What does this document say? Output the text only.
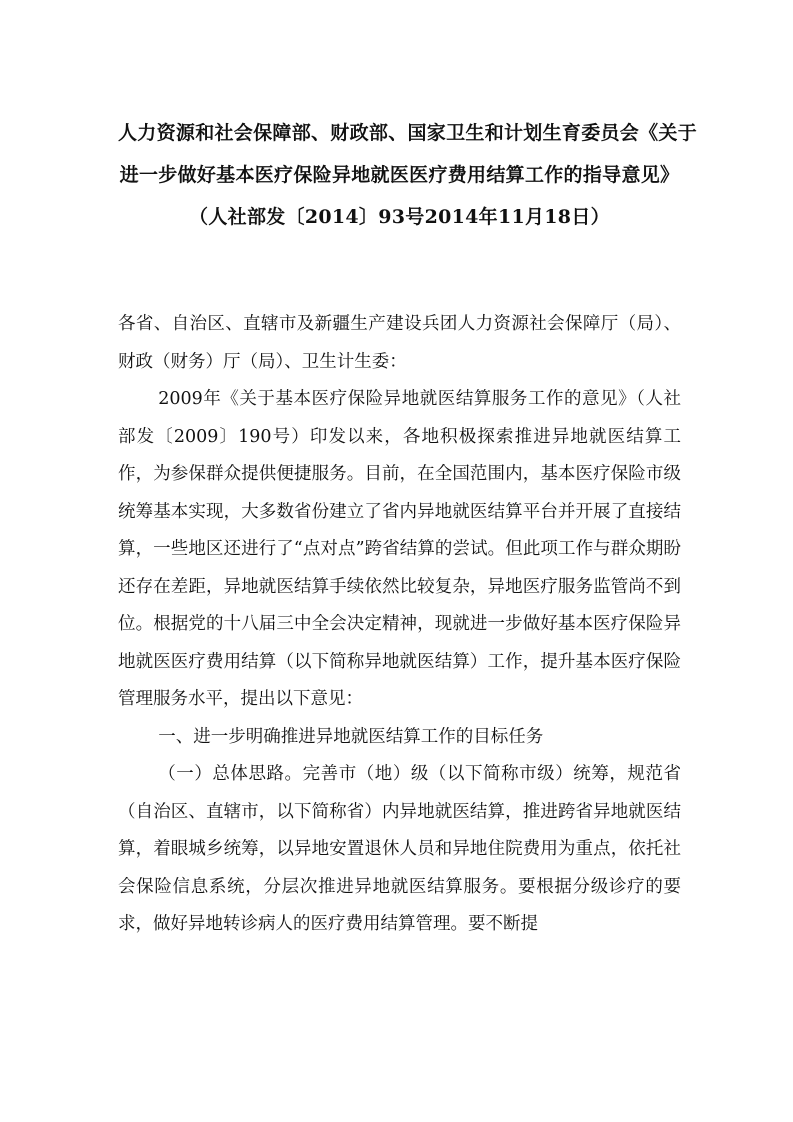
人力资源和社会保障部、财政部、国家卫生和计划生育委员会《关于
进一步做好基本医疗保险异地就医医疗费用结算工作的指导意见》
（人社部发〔2014〕93号2014年11月18日）

各省、自治区、直辖市及新疆生产建设兵团人力资源社会保障厅（局）、财政（财务）厅（局）、卫生计生委：

2009年《关于基本医疗保险异地就医结算服务工作的意见》（人社部发〔2009〕190号）印发以来，各地积极探索推进异地就医结算工作，为参保群众提供便捷服务。目前，在全国范围内，基本医疗保险市级统筹基本实现，大多数省份建立了省内异地就医结算平台并开展了直接结算，一些地区还进行了“点对点”跨省结算的尝试。但此项工作与群众期盼还存在差距，异地就医结算手续依然比较复杂，异地医疗服务监管尚不到位。根据党的十八届三中全会决定精神，现就进一步做好基本医疗保险异地就医医疗费用结算（以下简称异地就医结算）工作，提升基本医疗保险管理服务水平，提出以下意见：

一、进一步明确推进异地就医结算工作的目标任务

（一）总体思路。完善市（地）级（以下简称市级）统筹，规范省（自治区、直辖市，以下简称省）内异地就医结算，推进跨省异地就医结算，着眼城乡统筹，以异地安置退休人员和异地住院费用为重点，依托社会保险信息系统，分层次推进异地就医结算服务。要根据分级诊疗的要求，做好异地转诊病人的医疗费用结算管理。要不断提
